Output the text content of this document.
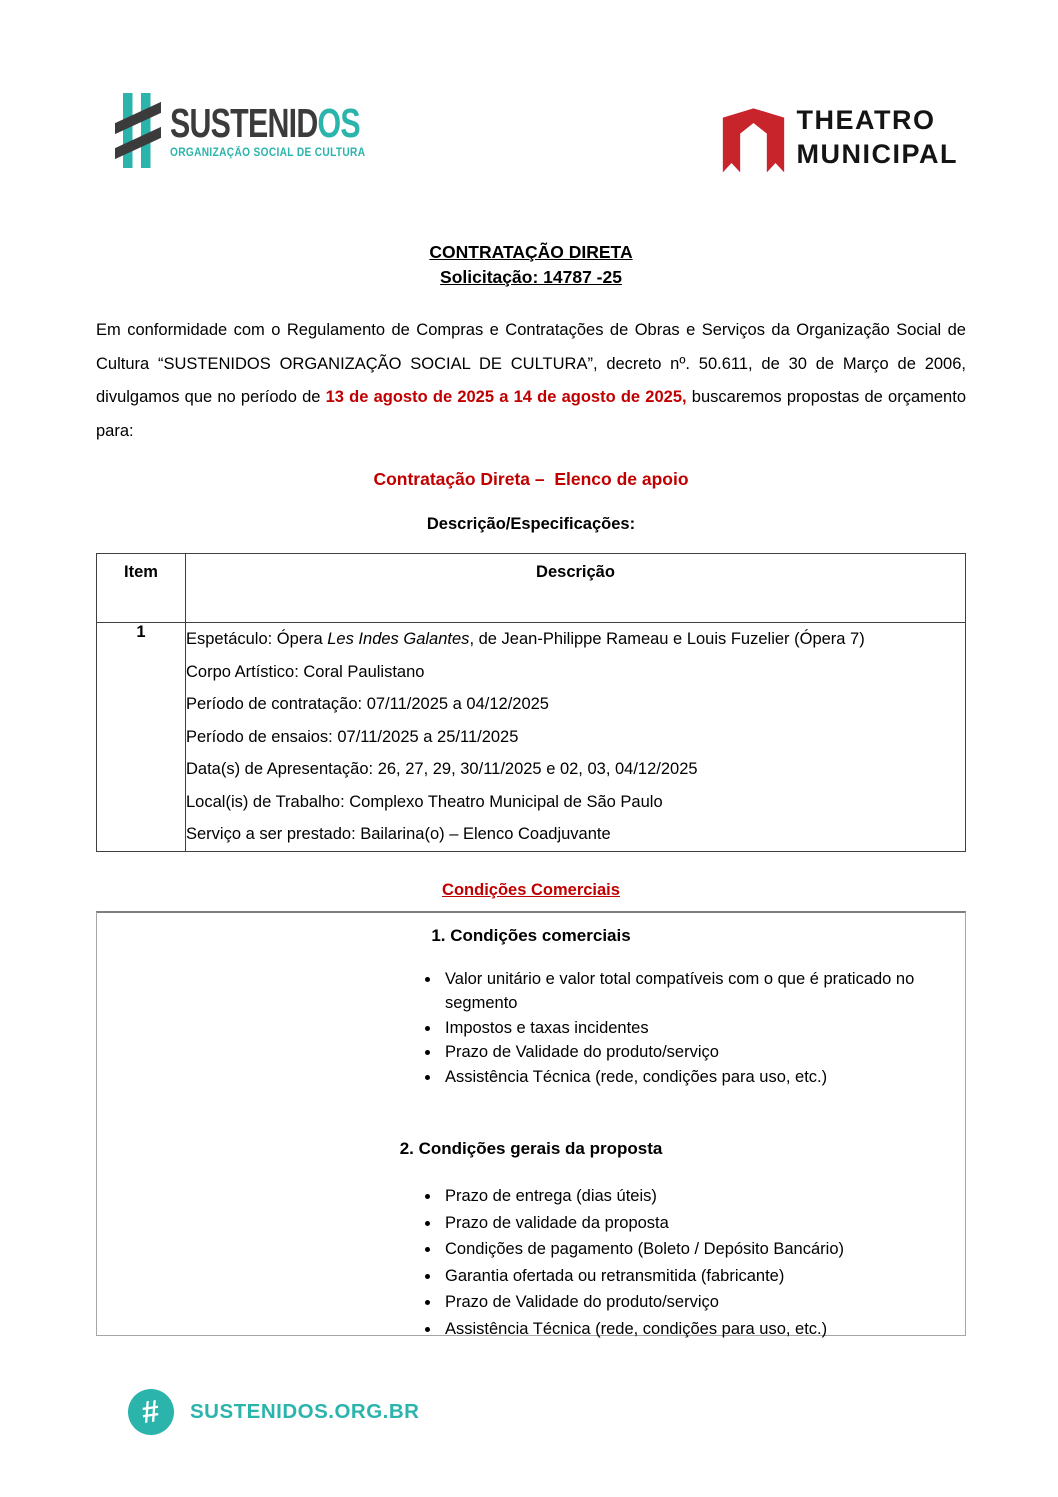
SUSTENIDOS
ORGANIZAÇÃO SOCIAL DE CULTURA
THEATRO
MUNICIPAL
CONTRATAÇÃO DIRETA
Solicitação: 14787 -25

Em conformidade com o Regulamento de Compras e Contratações de Obras e Serviços da Organização Social de Cultura “SUSTENIDOS ORGANIZAÇÃO SOCIAL DE CULTURA”, decreto nº. 50.611, de 30 de Março de 2006, divulgamos que no período de 13 de agosto de 2025 a 14 de agosto de 2025, buscaremos propostas de orçamento para:

Contratação Direta –  Elenco de apoio
Descrição/Especificações:
Item	Descrição
1	Espetáculo: Ópera Les Indes Galantes, de Jean-Philippe Rameau e Louis Fuzelier (Ópera 7)

Corpo Artístico: Coral Paulistano

Período de contratação: 07/11/2025 a 04/12/2025

Período de ensaios: 07/11/2025 a 25/11/2025

Data(s) de Apresentação: 26, 27, 29, 30/11/2025 e 02, 03, 04/12/2025

Local(is) de Trabalho: Complexo Theatro Municipal de São Paulo

Serviço a ser prestado: Bailarina(o) – Elenco Coadjuvante

Condições Comerciais

1. Condições comerciais

• Valor unitário e valor total compatíveis com o que é praticado no segmento
• Impostos e taxas incidentes
• Prazo de Validade do produto/serviço
• Assistência Técnica (rede, condições para uso, etc.)

2. Condições gerais da proposta

• Prazo de entrega (dias úteis)
• Prazo de validade da proposta
• Condições de pagamento (Boleto / Depósito Bancário)
• Garantia ofertada ou retransmitida (fabricante)
• Prazo de Validade do produto/serviço
• Assistência Técnica (rede, condições para uso, etc.)
# SUSTENIDOS.ORG.BR
